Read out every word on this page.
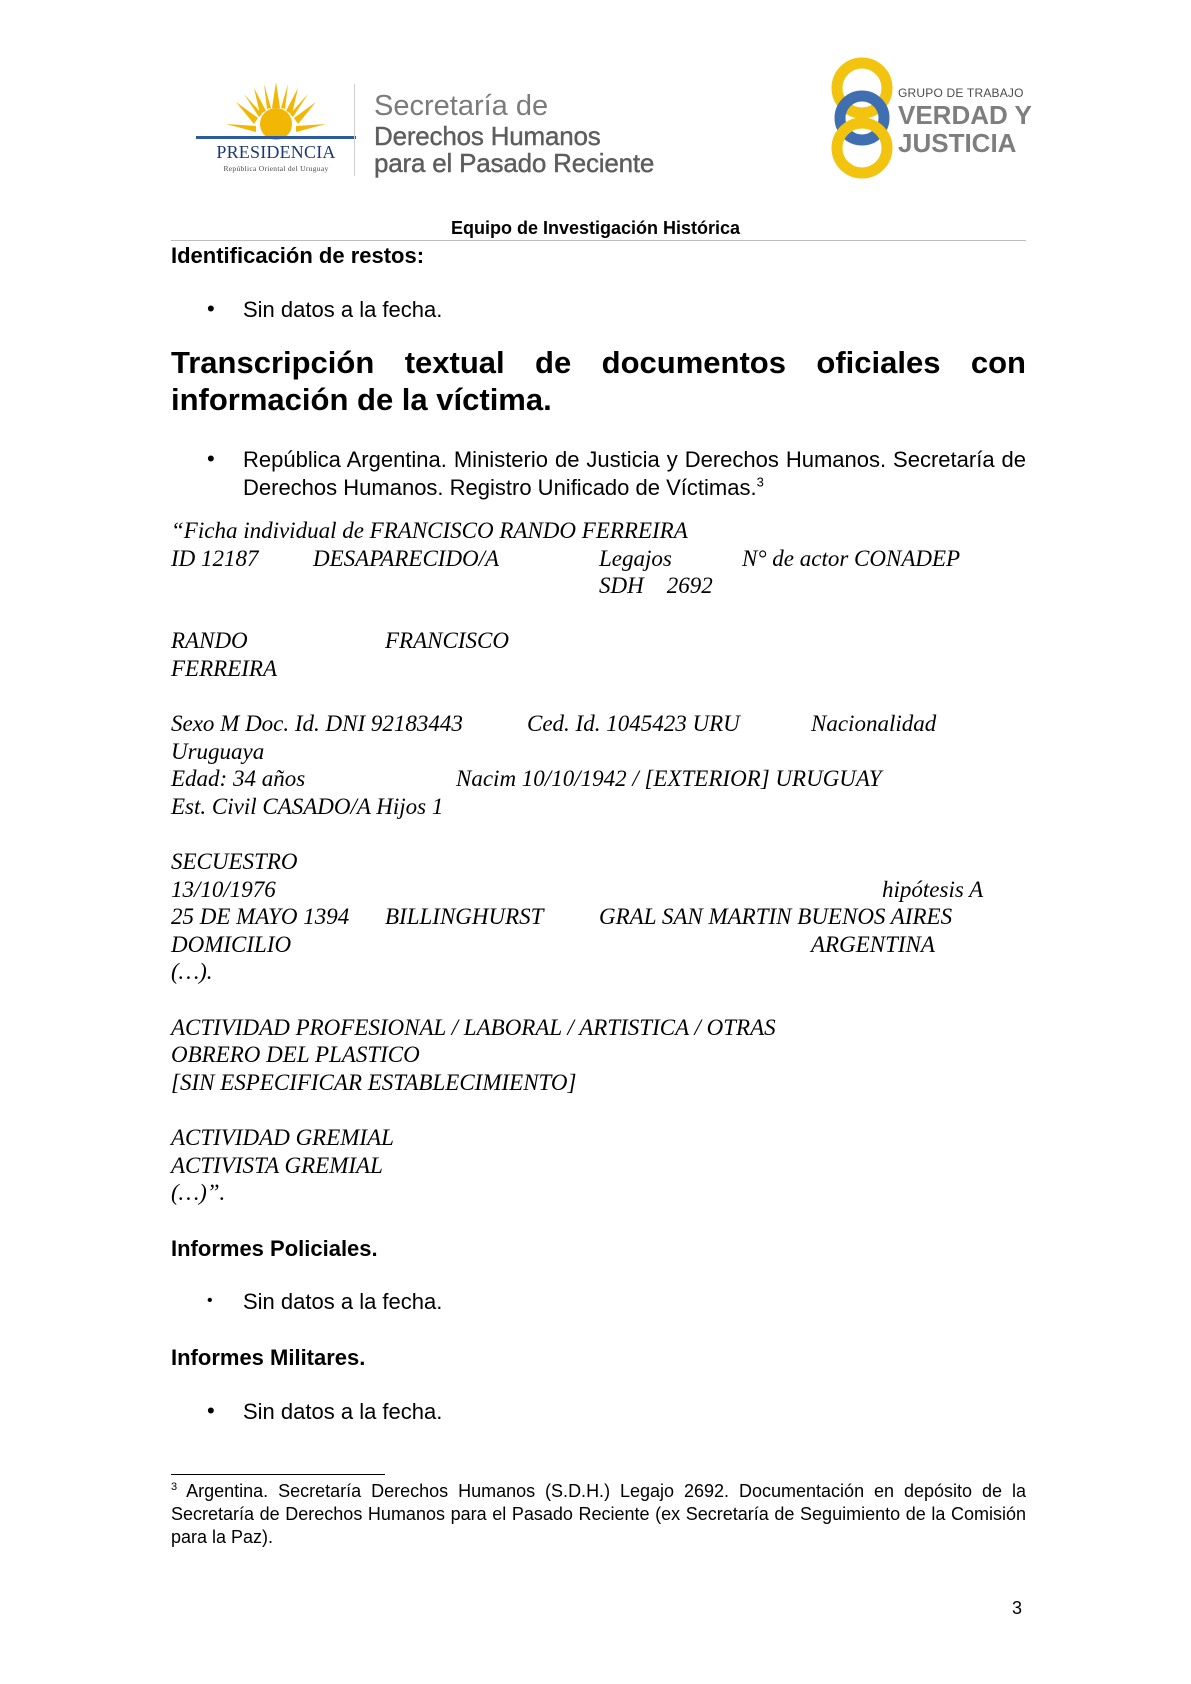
PRESIDENCIA
República Oriental del Uruguay
Secretaría de
Derechos Humanos
para el Pasado Reciente
GRUPO DE TRABAJO
VERDAD Y
JUSTICIA
Equipo de Investigación Histórica
Identificación de restos:
• Sin datos a la fecha.
Transcripción textual de documentos oficiales con
información de la víctima.
• República Argentina. Ministerio de Justicia y Derechos Humanos. Secretaría de Derechos Humanos. Registro Unificado de Víctimas.$^3$
“Ficha individual de FRANCISCO RANDO FERREIRA
ID 12187 DESAPARECIDO/A	Legajos	N° de actor CONADEP
SDH    2692
RANDO	FRANCISCO
FERREIRA
Sexo M Doc. Id. DNI 92183443	Ced. Id. 1045423 URU	Nacionalidad
Uruguaya
Edad: 34 años	Nacim 10/10/1942 / [EXTERIOR] URUGUAY
Est. Civil CASADO/A Hijos 1
SECUESTRO
13/10/1976	hipótesis A
25 DE MAYO 1394 BILLINGHURST GRAL SAN MARTIN BUENOS AIRES
DOMICILIO	ARGENTINA
(…).
ACTIVIDAD PROFESIONAL / LABORAL / ARTISTICA / OTRAS
OBRERO DEL PLASTICO
[SIN ESPECIFICAR ESTABLECIMIENTO]
ACTIVIDAD GREMIAL
ACTIVISTA GREMIAL
(…)”.
Informes Policiales.
• Sin datos a la fecha.
Informes Militares.
• Sin datos a la fecha.
$^3$ Argentina. Secretaría Derechos Humanos (S.D.H.) Legajo 2692. Documentación en depósito de la Secretaría de Derechos Humanos para el Pasado Reciente (ex Secretaría de Seguimiento de la Comisión para la Paz).
3
